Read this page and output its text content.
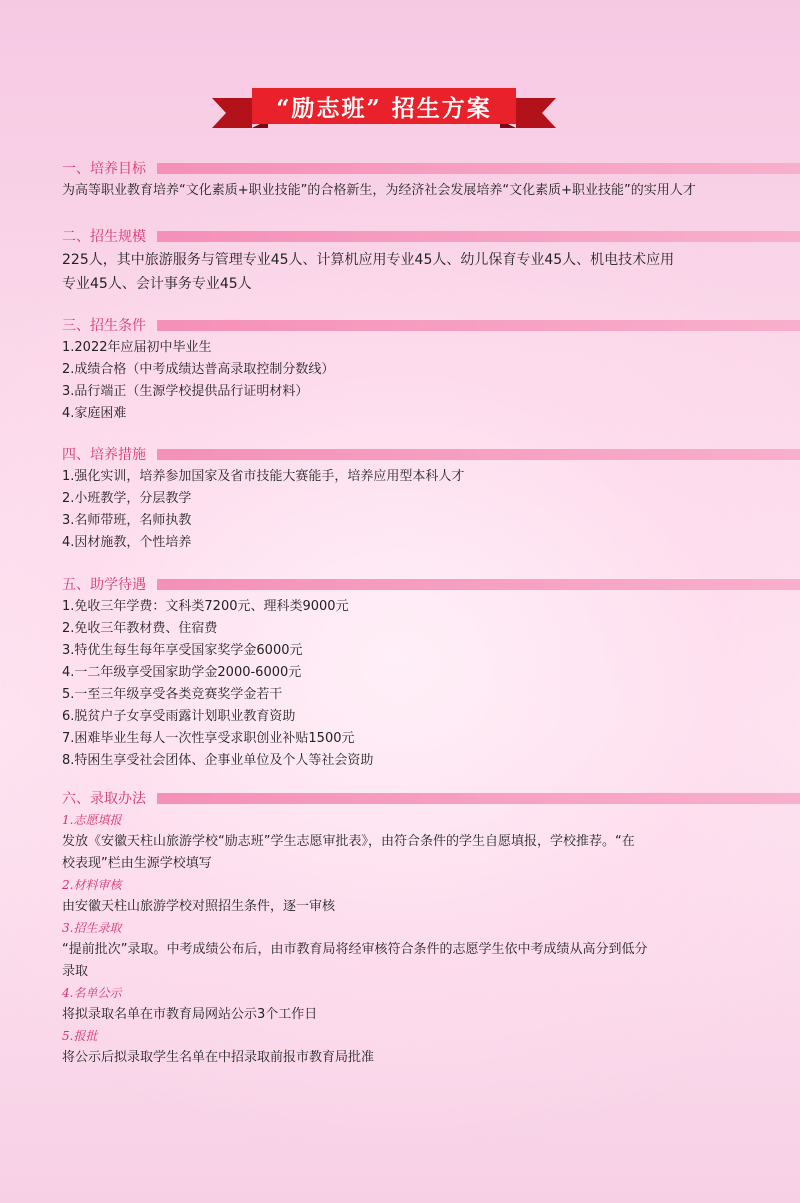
“励志班” 招生方案
一、培养目标
为高等职业教育培养“文化素质+职业技能”的合格新生，为经济社会发展培养“文化素质+职业技能”的实用人才
二、招生规模
225人，其中旅游服务与管理专业45人、计算机应用专业45人、幼儿保育专业45人、机电技术应用
专业45人、会计事务专业45人
三、招生条件
1.2022年应届初中毕业生
2.成绩合格（中考成绩达普高录取控制分数线）
3.品行端正（生源学校提供品行证明材料）
4.家庭困难
四、培养措施
1.强化实训，培养参加国家及省市技能大赛能手，培养应用型本科人才
2.小班教学，分层教学
3.名师带班，名师执教
4.因材施教，个性培养
五、助学待遇
1.免收三年学费：文科类7200元、理科类9000元
2.免收三年教材费、住宿费
3.特优生每生每年享受国家奖学金6000元
4.一二年级享受国家助学金2000-6000元
5.一至三年级享受各类竞赛奖学金若干
6.脱贫户子女享受雨露计划职业教育资助
7.困难毕业生每人一次性享受求职创业补贴1500元
8.特困生享受社会团体、企事业单位及个人等社会资助
六、录取办法
1.志愿填报
发放《安徽天柱山旅游学校“励志班”学生志愿审批表》，由符合条件的学生自愿填报，学校推荐。“在
校表现”栏由生源学校填写
2.材料审核
由安徽天柱山旅游学校对照招生条件，逐一审核
3.招生录取
“提前批次”录取。中考成绩公布后，由市教育局将经审核符合条件的志愿学生依中考成绩从高分到低分
录取
4.名单公示
将拟录取名单在市教育局网站公示3个工作日
5.报批
将公示后拟录取学生名单在中招录取前报市教育局批准
